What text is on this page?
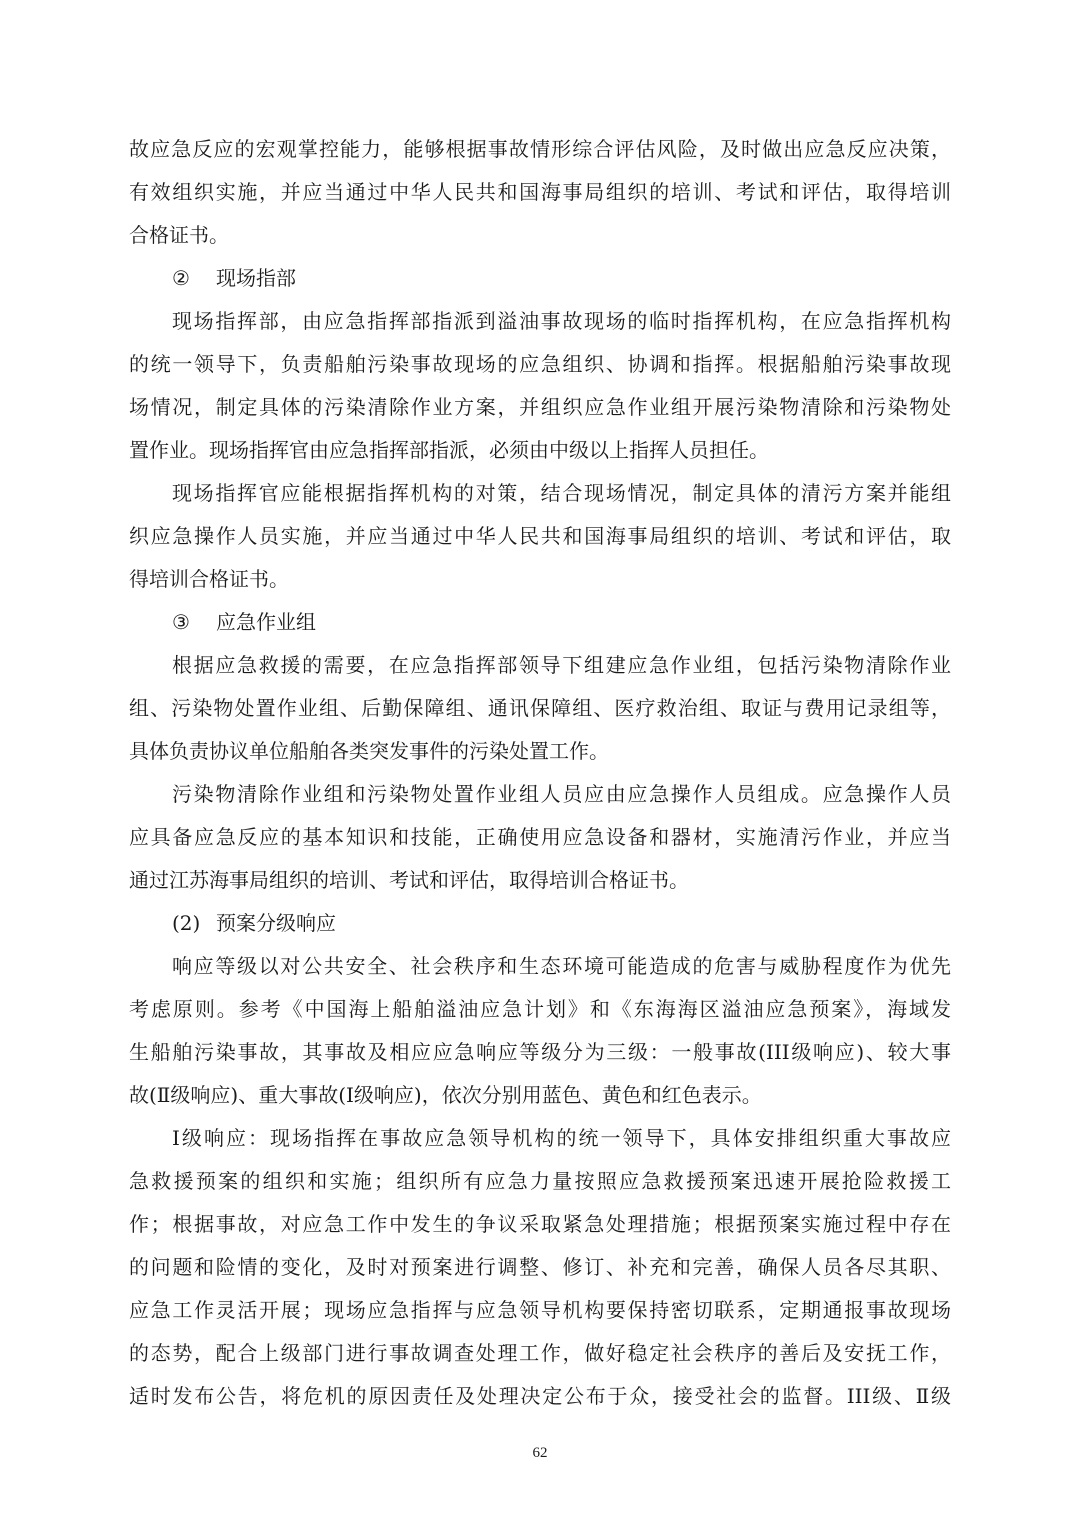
故应急反应的宏观掌控能力，能够根据事故情形综合评估风险，及时做出应急反应决策，
有效组织实施，并应当通过中华人民共和国海事局组织的培训、考试和评估，取得培训
合格证书。
② 现场指部
现场指挥部，由应急指挥部指派到溢油事故现场的临时指挥机构，在应急指挥机构
的统一领导下，负责船舶污染事故现场的应急组织、协调和指挥。根据船舶污染事故现
场情况，制定具体的污染清除作业方案，并组织应急作业组开展污染物清除和污染物处
置作业。现场指挥官由应急指挥部指派，必须由中级以上指挥人员担任。
现场指挥官应能根据指挥机构的对策，结合现场情况，制定具体的清污方案并能组
织应急操作人员实施，并应当通过中华人民共和国海事局组织的培训、考试和评估，取
得培训合格证书。
③ 应急作业组
根据应急救援的需要，在应急指挥部领导下组建应急作业组，包括污染物清除作业
组、污染物处置作业组、后勤保障组、通讯保障组、医疗救治组、取证与费用记录组等，
具体负责协议单位船舶各类突发事件的污染处置工作。
污染物清除作业组和污染物处置作业组人员应由应急操作人员组成。应急操作人员
应具备应急反应的基本知识和技能，正确使用应急设备和器材，实施清污作业，并应当
通过江苏海事局组织的培训、考试和评估，取得培训合格证书。
(2) 预案分级响应
响应等级以对公共安全、社会秩序和生态环境可能造成的危害与威胁程度作为优先
考虑原则。参考《中国海上船舶溢油应急计划》和《东海海区溢油应急预案》，海域发
生船舶污染事故，其事故及相应应急响应等级分为三级：一般事故(III级响应)、较大事
故(Ⅱ级响应)、重大事故(Ⅰ级响应)，依次分别用蓝色、黄色和红色表示。
Ⅰ级响应：现场指挥在事故应急领导机构的统一领导下，具体安排组织重大事故应
急救援预案的组织和实施；组织所有应急力量按照应急救援预案迅速开展抢险救援工
作；根据事故，对应急工作中发生的争议采取紧急处理措施；根据预案实施过程中存在
的问题和险情的变化，及时对预案进行调整、修订、补充和完善，确保人员各尽其职、
应急工作灵活开展；现场应急指挥与应急领导机构要保持密切联系，定期通报事故现场
的态势，配合上级部门进行事故调查处理工作，做好稳定社会秩序的善后及安抚工作，
适时发布公告，将危机的原因责任及处理决定公布于众，接受社会的监督。III级、Ⅱ级
62
